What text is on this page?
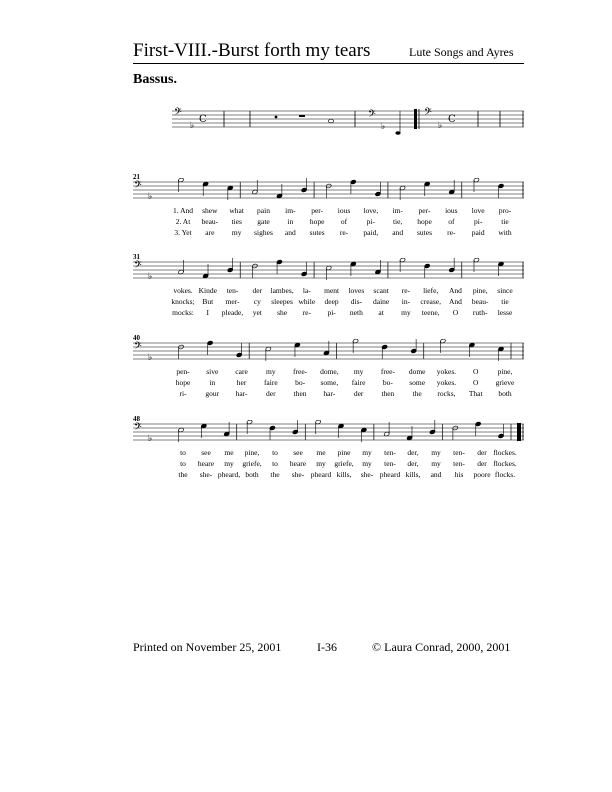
First-VIII.-Burst forth my tears	Lute Songs and Ayres
Bassus.
𝄢
♭
C	𝄢
♭
𝄢
♭
C
21
𝄢
♭
1. And shew what pain im- per- ious love, im- per- ious love pro-
2. At beau- ties gate in hope of	pi- tie, hope of	pi-	tie
3. Yet are my sighes and sutes re- paid, and sutes re- paid with
31
𝄢
♭
vokes. Kinde ten- der lambes, la- ment loves scant re- liefe, And pine, since
knocks; But mer- cy sleepes while deep dis- daine in- crease, And beau- tie
mocks: I pleade, yet she re- pi- neth at my teene, O ruth- lesse
40
𝄢
♭
pen- sive care my free- dome, my free- dome yokes. O	pine,
hope	in	her faire bo- some, faire bo- some yokes. O grieve
ri-	gour har- der then har- der then the rocks, That both
48
𝄢
♭
to see me pine, to see me pine my ten- der, my ten- der flockes.
to heare my griefe, to heare my griefe, my ten- der, my ten- der flockes.
the she- pheard, both the she- pheard kills, she- pheard kills, and his poore flocks.
Printed on November 25, 2001	I-36	© Laura Conrad, 2000, 2001
